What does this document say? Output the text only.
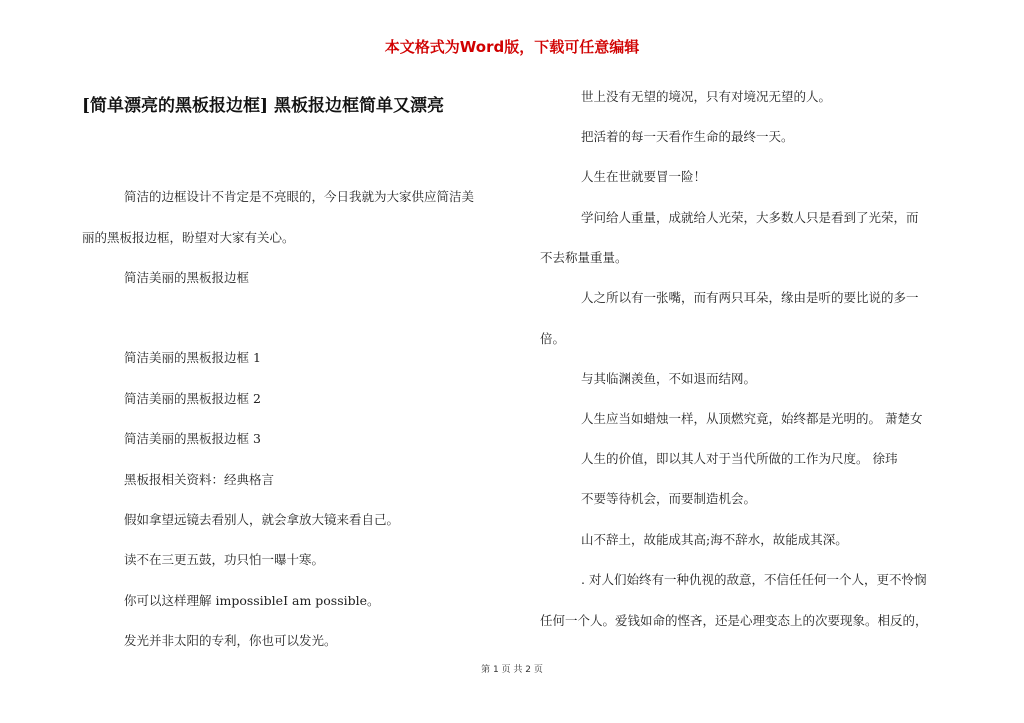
本文格式为Word版，下载可任意编辑
[简单漂亮的黑板报边框] 黑板报边框简单又漂亮
简洁的边框设计不肯定是不亮眼的，今日我就为大家供应简洁美
丽的黑板报边框，盼望对大家有关心。
简洁美丽的黑板报边框
简洁美丽的黑板报边框 1
简洁美丽的黑板报边框 2
简洁美丽的黑板报边框 3
黑板报相关资料：经典格言
假如拿望远镜去看别人，就会拿放大镜来看自己。
读不在三更五鼓，功只怕一曝十寒。
你可以这样理解 impossibleI am possible。
发光并非太阳的专利，你也可以发光。
世上没有无望的境况，只有对境况无望的人。
把活着的每一天看作生命的最终一天。
人生在世就要冒一险！
学问给人重量，成就给人光荣，大多数人只是看到了光荣，而
不去称量重量。
人之所以有一张嘴，而有两只耳朵，缘由是听的要比说的多一
倍。
与其临渊羡鱼，不如退而结网。
人生应当如蜡烛一样，从顶燃究竟，始终都是光明的。 萧楚女
人生的价值，即以其人对于当代所做的工作为尺度。 徐玮
不要等待机会，而要制造机会。
山不辞土，故能成其高;海不辞水，故能成其深。
. 对人们始终有一种仇视的敌意，不信任任何一个人，更不怜悯
任何一个人。爱钱如命的悭吝，还是心理变态上的次要现象。相反的，
第 1 页 共 2 页
